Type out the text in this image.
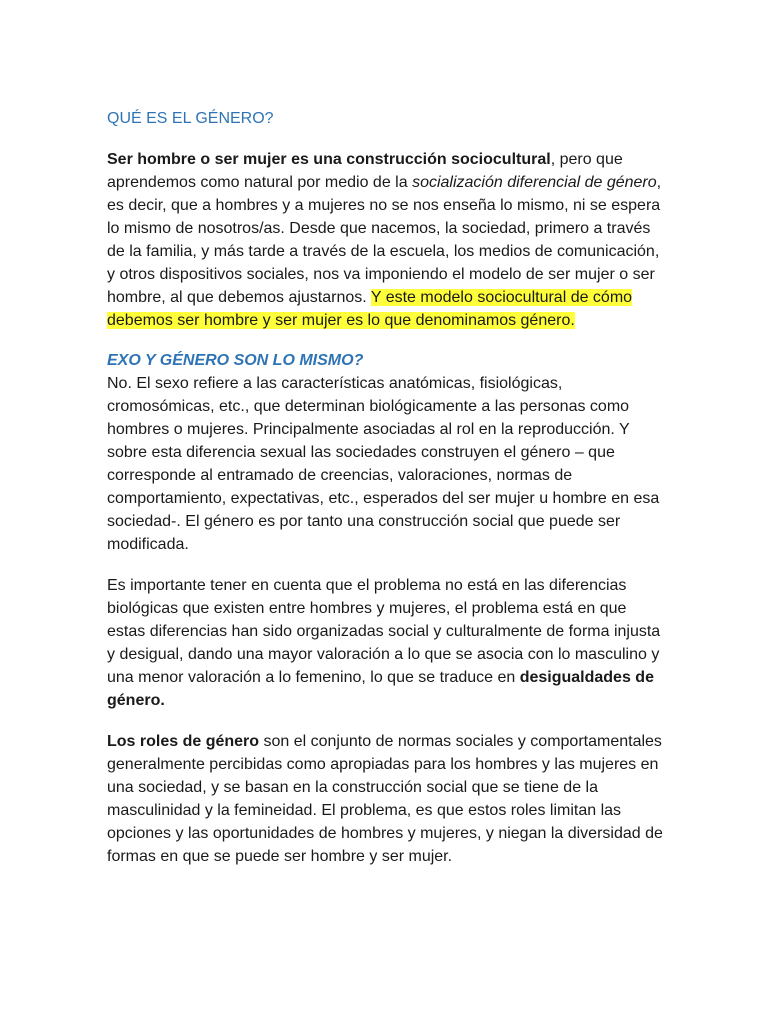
QUÉ ES EL GÉNERO?

Ser hombre o ser mujer es una construcción sociocultural, pero que aprendemos como natural por medio de la socialización diferencial de género, es decir, que a hombres y a mujeres no se nos enseña lo mismo, ni se espera lo mismo de nosotros/as. Desde que nacemos, la sociedad, primero a través de la familia, y más tarde a través de la escuela, los medios de comunicación, y otros dispositivos sociales, nos va imponiendo el modelo de ser mujer o ser hombre, al que debemos ajustarnos. Y este modelo sociocultural de cómo debemos ser hombre y ser mujer es lo que denominamos género.

EXO Y GÉNERO SON LO MISMO?

No. El sexo refiere a las características anatómicas, fisiológicas, cromosómicas, etc., que determinan biológicamente a las personas como hombres o mujeres. Principalmente asociadas al rol en la reproducción. Y sobre esta diferencia sexual las sociedades construyen el género – que corresponde al entramado de creencias, valoraciones, normas de comportamiento, expectativas, etc., esperados del ser mujer u hombre en esa sociedad-. El género es por tanto una construcción social que puede ser modificada.

Es importante tener en cuenta que el problema no está en las diferencias biológicas que existen entre hombres y mujeres, el problema está en que estas diferencias han sido organizadas social y culturalmente de forma injusta y desigual, dando una mayor valoración a lo que se asocia con lo masculino y una menor valoración a lo femenino, lo que se traduce en desigualdades de género.

Los roles de género son el conjunto de normas sociales y comportamentales generalmente percibidas como apropiadas para los hombres y las mujeres en una sociedad, y se basan en la construcción social que se tiene de la masculinidad y la femineidad. El problema, es que estos roles limitan las opciones y las oportunidades de hombres y mujeres, y niegan la diversidad de formas en que se puede ser hombre y ser mujer.
